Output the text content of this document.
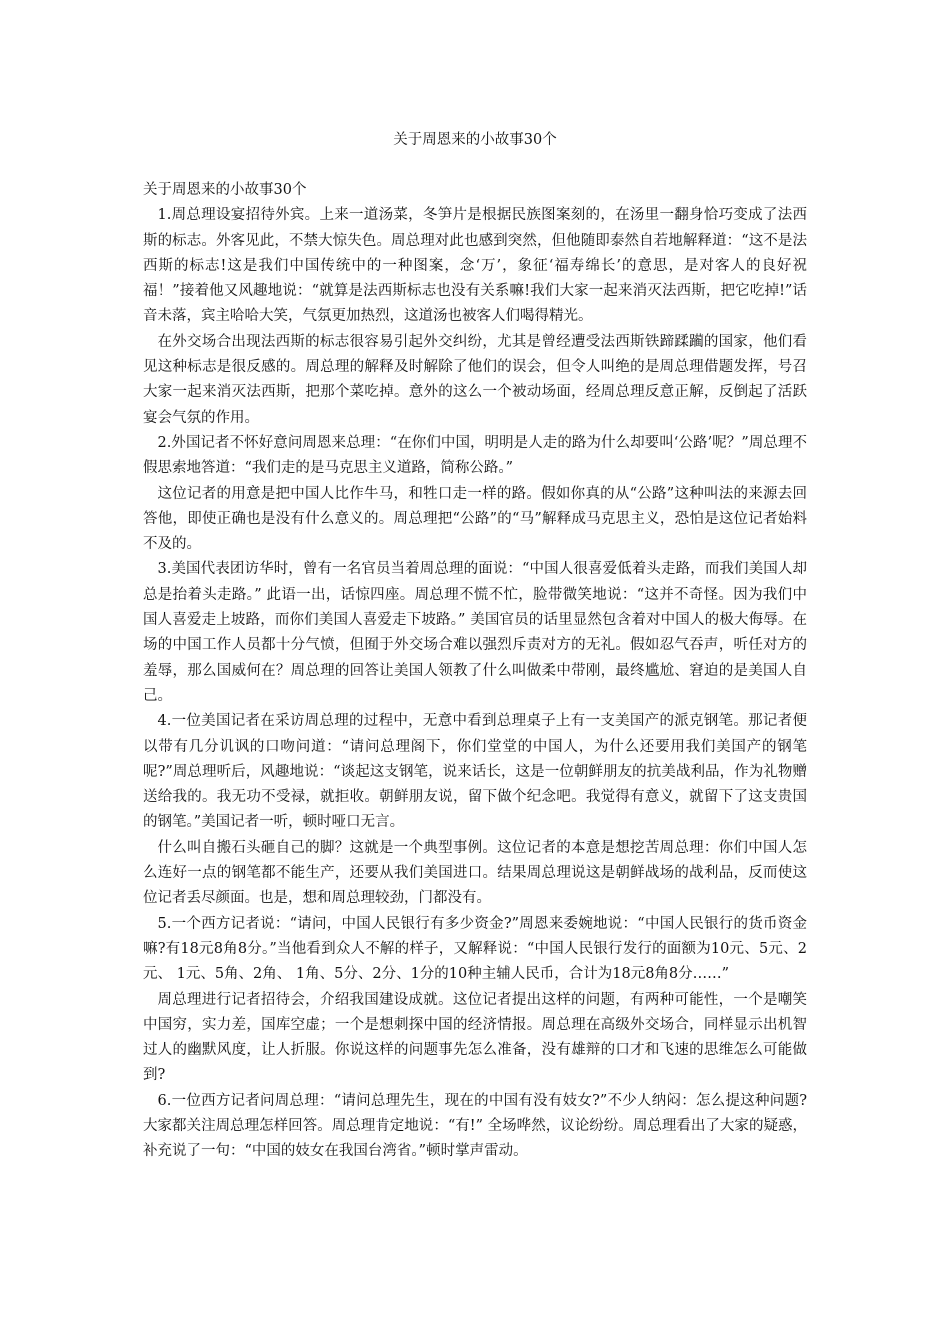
关于周恩来的小故事30个

关于周恩来的小故事30个

1.周总理设宴招待外宾。上来一道汤菜，冬笋片是根据民族图案刻的，在汤里一翻身恰巧变成了法西斯的标志。外客见此，不禁大惊失色。周总理对此也感到突然，但他随即泰然自若地解释道：“这不是法西斯的标志!这是我们中国传统中的一种图案，念‘万’，象征‘福寿绵长’的意思，是对客人的良好祝福！”接着他又风趣地说：“就算是法西斯标志也没有关系嘛!我们大家一起来消灭法西斯，把它吃掉!”话音未落，宾主哈哈大笑，气氛更加热烈，这道汤也被客人们喝得精光。

在外交场合出现法西斯的标志很容易引起外交纠纷，尤其是曾经遭受法西斯铁蹄蹂躏的国家，他们看见这种标志是很反感的。周总理的解释及时解除了他们的误会，但令人叫绝的是周总理借题发挥，号召大家一起来消灭法西斯，把那个菜吃掉。意外的这么一个被动场面，经周总理反意正解，反倒起了活跃宴会气氛的作用。

2.外国记者不怀好意问周恩来总理：“在你们中国，明明是人走的路为什么却要叫‘公路’呢？”周总理不假思索地答道：“我们走的是马克思主义道路，简称公路。”

这位记者的用意是把中国人比作牛马，和牲口走一样的路。假如你真的从“公路”这种叫法的来源去回答他，即使正确也是没有什么意义的。周总理把“公路”的“马”解释成马克思主义，恐怕是这位记者始料不及的。

3.美国代表团访华时，曾有一名官员当着周总理的面说：“中国人很喜爱低着头走路，而我们美国人却总是抬着头走路。” 此语一出，话惊四座。周总理不慌不忙，脸带微笑地说：“这并不奇怪。因为我们中国人喜爱走上坡路，而你们美国人喜爱走下坡路。” 美国官员的话里显然包含着对中国人的极大侮辱。在场的中国工作人员都十分气愤，但囿于外交场合难以强烈斥责对方的无礼。假如忍气吞声，听任对方的羞辱，那么国威何在？周总理的回答让美国人领教了什么叫做柔中带刚，最终尴尬、窘迫的是美国人自己。

4.一位美国记者在采访周总理的过程中，无意中看到总理桌子上有一支美国产的派克钢笔。那记者便以带有几分讥讽的口吻问道：“请问总理阁下，你们堂堂的中国人，为什么还要用我们美国产的钢笔呢?”周总理听后，风趣地说：“谈起这支钢笔，说来话长，这是一位朝鲜朋友的抗美战利品，作为礼物赠送给我的。我无功不受禄，就拒收。朝鲜朋友说，留下做个纪念吧。我觉得有意义，就留下了这支贵国的钢笔。”美国记者一听，顿时哑口无言。

什么叫自搬石头砸自己的脚？这就是一个典型事例。这位记者的本意是想挖苦周总理：你们中国人怎么连好一点的钢笔都不能生产，还要从我们美国进口。结果周总理说这是朝鲜战场的战利品，反而使这位记者丢尽颜面。也是，想和周总理较劲，门都没有。

5.一个西方记者说：“请问，中国人民银行有多少资金?”周恩来委婉地说：“中国人民银行的货币资金嘛?有18元8角8分。”当他看到众人不解的样子，又解释说：“中国人民银行发行的面额为10元、5元、2元、 1元、5角、2角、 1角、5分、2分、1分的10种主辅人民币，合计为18元8角8分……”

周总理进行记者招待会，介绍我国建设成就。这位记者提出这样的问题，有两种可能性，一个是嘲笑中国穷，实力差，国库空虚；一个是想刺探中国的经济情报。周总理在高级外交场合，同样显示出机智过人的幽默风度，让人折服。你说这样的问题事先怎么准备，没有雄辩的口才和飞速的思维怎么可能做到?

6.一位西方记者问周总理：“请问总理先生，现在的中国有没有妓女?”不少人纳闷：怎么提这种问题?大家都关注周总理怎样回答。周总理肯定地说：“有!” 全场哗然，议论纷纷。周总理看出了大家的疑惑，补充说了一句：“中国的妓女在我国台湾省。”顿时掌声雷动。
